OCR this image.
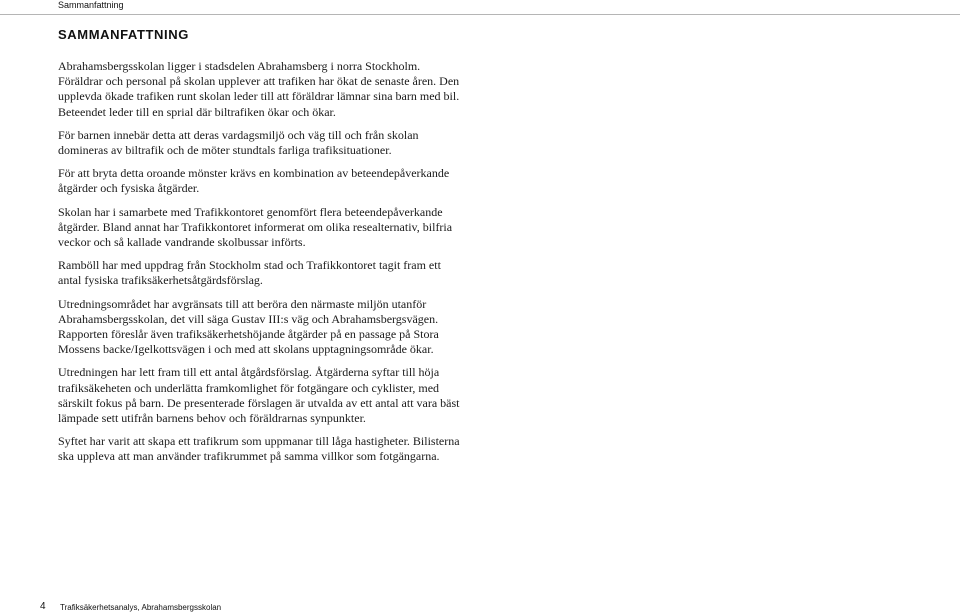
Sammanfattning
SAMMANFATTNING

Abrahamsbergsskolan ligger i stadsdelen Abrahamsberg i norra Stockholm.
Föräldrar och personal på skolan upplever att trafiken har ökat de senaste åren. Den
upplevda ökade trafiken runt skolan leder till att föräldrar lämnar sina barn med bil.
Beteendet leder till en sprial där biltrafiken ökar och ökar.

För barnen innebär detta att deras vardagsmiljö och väg till och från skolan
domineras av biltrafik och de möter stundtals farliga trafiksituationer.

För att bryta detta oroande mönster krävs en kombination av beteendepåverkande
åtgärder och fysiska åtgärder.

Skolan har i samarbete med Trafikkontoret genomfört flera beteendepåverkande
åtgärder. Bland annat har Trafikkontoret informerat om olika resealternativ, bilfria
veckor och så kallade vandrande skolbussar införts.

Ramböll har med uppdrag från Stockholm stad och Trafikkontoret tagit fram ett
antal fysiska trafiksäkerhetsåtgärdsförslag.

Utredningsområdet har avgränsats till att beröra den närmaste miljön utanför
Abrahamsbergsskolan, det vill säga Gustav III:s väg och Abrahamsbergsvägen.
Rapporten föreslår även trafiksäkerhetshöjande åtgärder på en passage på Stora
Mossens backe/Igelkottsvägen i och med att skolans upptagningsområde ökar.

Utredningen har lett fram till ett antal åtgårdsförslag. Åtgärderna syftar till höja
trafiksäkeheten och underlätta framkomlighet för fotgängare och cyklister, med
särskilt fokus på barn. De presenterade förslagen är utvalda av ett antal att vara bäst
lämpade sett utifrån barnens behov och föräldrarnas synpunkter.

Syftet har varit att skapa ett trafikrum som uppmanar till låga hastigheter. Bilisterna
ska uppleva att man använder trafikrummet på samma villkor som fotgängarna.

4 Trafiksäkerhetsanalys, Abrahamsbergsskolan
